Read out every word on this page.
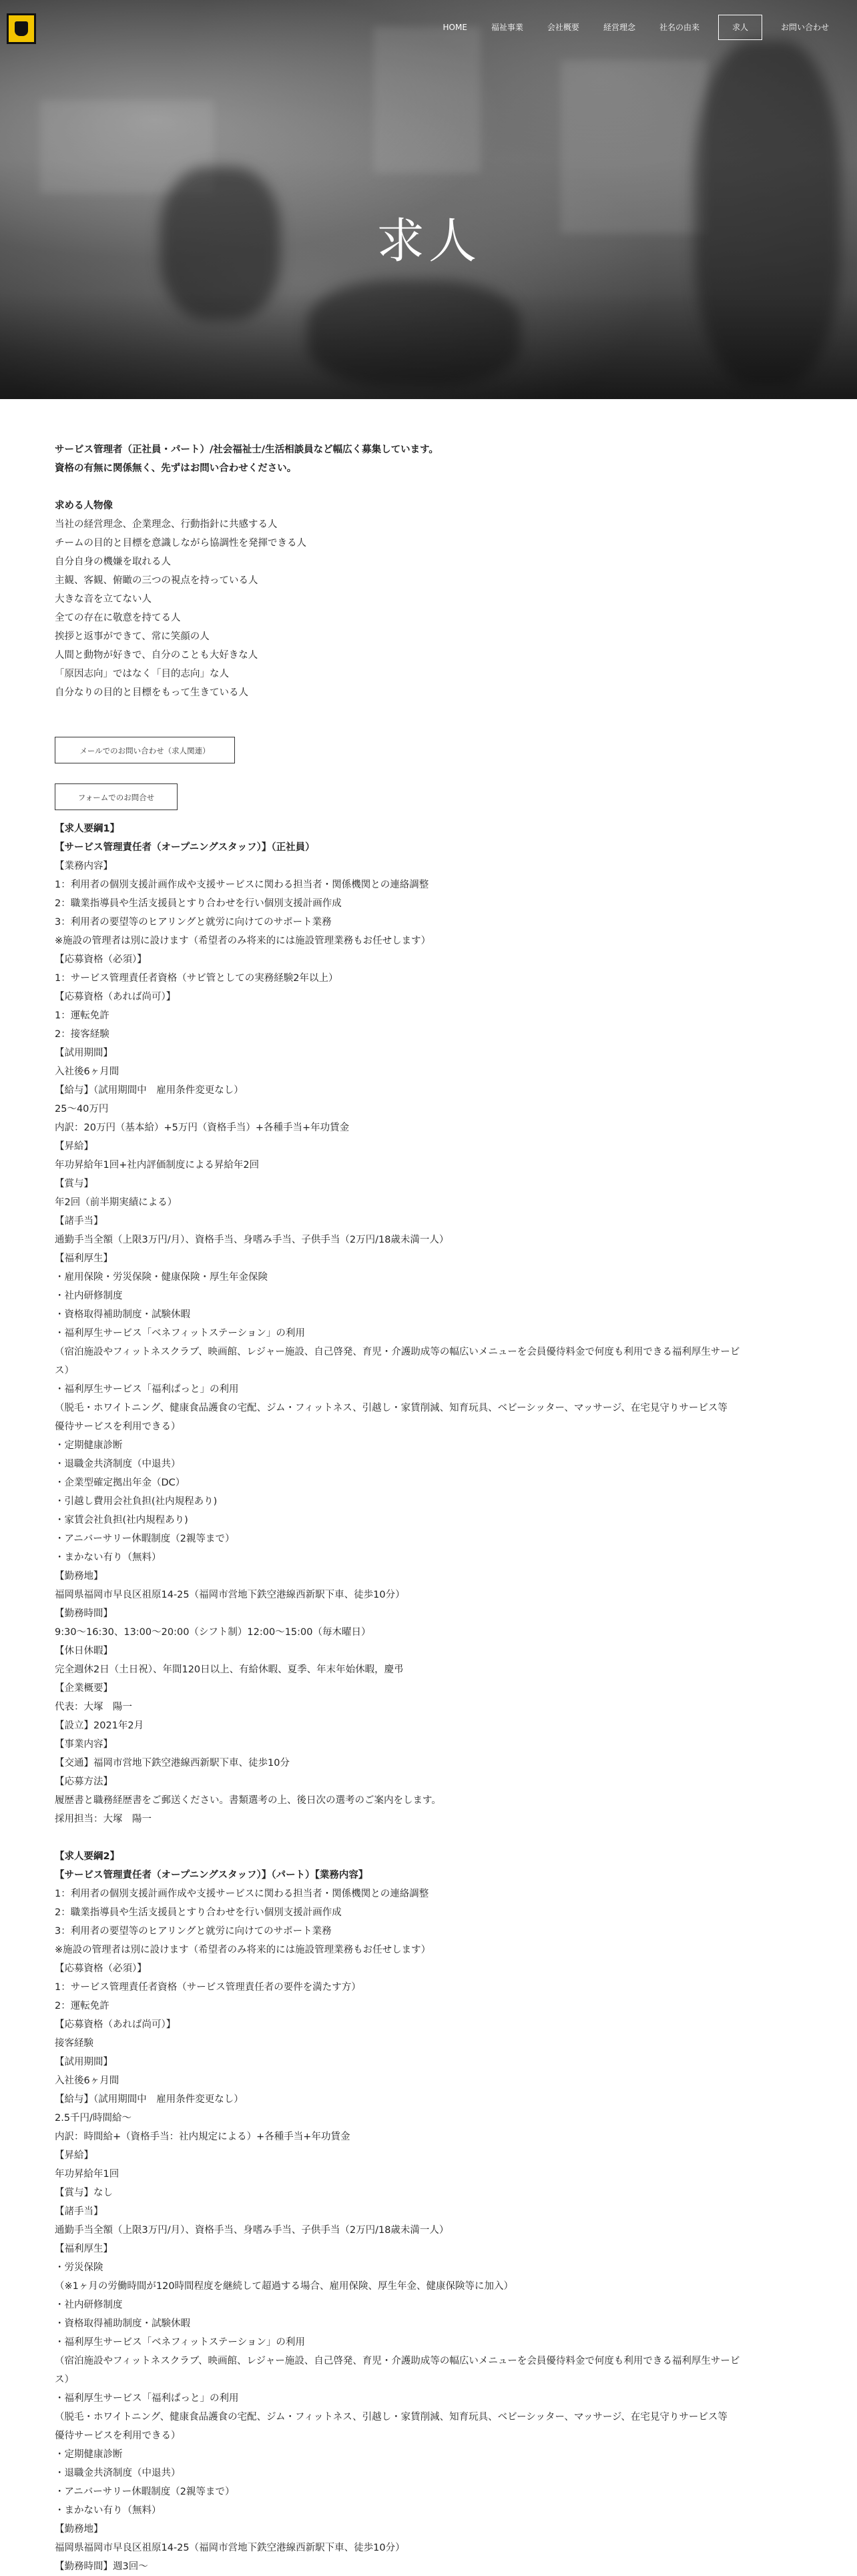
HOME	福祉事業	会社概要	経営理念	社名の由来	求人	お問い合わせ
求人

サービス管理者（正社員・パート）/社会福祉士/生活相談員など幅広く募集しています。

資格の有無に関係無く、先ずはお問い合わせください。

求める人物像

当社の経営理念、企業理念、行動指針に共感する人

チームの目的と目標を意識しながら協調性を発揮できる人

自分自身の機嫌を取れる人

主観、客観、俯瞰の三つの視点を持っている人

大きな音を立てない人

全ての存在に敬意を持てる人

挨拶と返事ができて、常に笑顔の人

人間と動物が好きで、自分のことも大好きな人

「原因志向」ではなく「目的志向」な人

自分なりの目的と目標をもって生きている人

メールでのお問い合わせ（求人関連）
フォームでのお問合せ

【求人要綱1】

【サービス管理責任者（オープニングスタッフ）】（正社員）

【業務内容】

1：利用者の個別支援計画作成や支援サービスに関わる担当者・関係機関との連絡調整

2：職業指導員や生活支援員とすり合わせを行い個別支援計画作成

3：利用者の要望等のヒアリングと就労に向けてのサポート業務

※施設の管理者は別に設けます（希望者のみ将来的には施設管理業務もお任せします）

【応募資格（必須）】

1：サービス管理責任者資格（サビ管としての実務経験2年以上）

【応募資格（あれば尚可）】

1：運転免許

2：接客経験

【試用期間】

入社後6ヶ月間

【給与】（試用期間中　雇用条件変更なし）

25〜40万円

内訳：20万円（基本給）+5万円（資格手当）+各種手当+年功賃金

【昇給】

年功昇給年1回+社内評価制度による昇給年2回

【賞与】

年2回（前半期実績による）

【諸手当】

通勤手当全額（上限3万円/月）、資格手当、身嗜み手当、子供手当（2万円/18歳未満一人）

【福利厚生】

・雇用保険・労災保険・健康保険・厚生年金保険

・社内研修制度

・資格取得補助制度・試験休暇

・福利厚生サービス「ベネフィットステーション」の利用

（宿泊施設やフィットネスクラブ、映画館、レジャー施設、自己啓発、育児・介護助成等の幅広いメニューを会員優待料金で何度も利用できる福利厚生サービ

ス）

・福利厚生サービス「福利ぱっと」の利用

（脱毛・ホワイトニング、健康食品護食の宅配、ジム・フィットネス、引越し・家賃削減、知育玩具、ベビーシッター、マッサージ、在宅見守りサービス等

優待サービスを利用できる）

・定期健康診断

・退職金共済制度（中退共）

・企業型確定拠出年金（DC）

・引越し費用会社負担(社内規程あり)

・家賃会社負担(社内規程あり)

・アニバーサリー休暇制度（2親等まで）

・まかない有り（無料）

【勤務地】

福岡県福岡市早良区祖原14-25（福岡市営地下鉄空港線西新駅下車、徒歩10分）

【勤務時間】

9:30〜16:30、13:00〜20:00（シフト制）12:00〜15:00（毎木曜日）

【休日休暇】

完全週休2日（土日祝）、年間120日以上、有給休暇、夏季、年末年始休暇，慶弔

【企業概要】

代表：大塚　陽一

【設立】2021年2月

【事業内容】

【交通】福岡市営地下鉄空港線西新駅下車、徒歩10分

【応募方法】

履歴書と職務経歴書をご郵送ください。書類選考の上、後日次の選考のご案内をします。

採用担当：大塚　陽一

【求人要綱2】

【サービス管理責任者（オープニングスタッフ）】（パート）【業務内容】

1：利用者の個別支援計画作成や支援サービスに関わる担当者・関係機関との連絡調整

2：職業指導員や生活支援員とすり合わせを行い個別支援計画作成

3：利用者の要望等のヒアリングと就労に向けてのサポート業務

※施設の管理者は別に設けます（希望者のみ将来的には施設管理業務もお任せします）

【応募資格（必須）】

1：サービス管理責任者資格（サービス管理責任者の要件を満たす方）

2：運転免許

【応募資格（あれば尚可）】

接客経験

【試用期間】

入社後6ヶ月間

【給与】（試用期間中　雇用条件変更なし）

2.5千円/時間給〜

内訳：時間給+（資格手当：社内規定による）+各種手当+年功賃金

【昇給】

年功昇給年1回

【賞与】なし

【諸手当】

通勤手当全額（上限3万円/月）、資格手当、身嗜み手当、子供手当（2万円/18歳未満一人）

【福利厚生】

・労災保険

（※1ヶ月の労働時間が120時間程度を継続して超過する場合、雇用保険、厚生年金、健康保険等に加入）

・社内研修制度

・資格取得補助制度・試験休暇

・福利厚生サービス「ベネフィットステーション」の利用

（宿泊施設やフィットネスクラブ、映画館、レジャー施設、自己啓発、育児・介護助成等の幅広いメニューを会員優待料金で何度も利用できる福利厚生サービ

ス）

・福利厚生サービス「福利ぱっと」の利用

（脱毛・ホワイトニング、健康食品護食の宅配、ジム・フィットネス、引越し・家賃削減、知育玩具、ベビーシッター、マッサージ、在宅見守りサービス等

優待サービスを利用できる）

・定期健康診断

・退職金共済制度（中退共）

・アニバーサリー休暇制度（2親等まで）

・まかない有り（無料）

【勤務地】

福岡県福岡市早良区祖原14-25（福岡市営地下鉄空港線西新駅下車、徒歩10分）

【勤務時間】週3回〜
